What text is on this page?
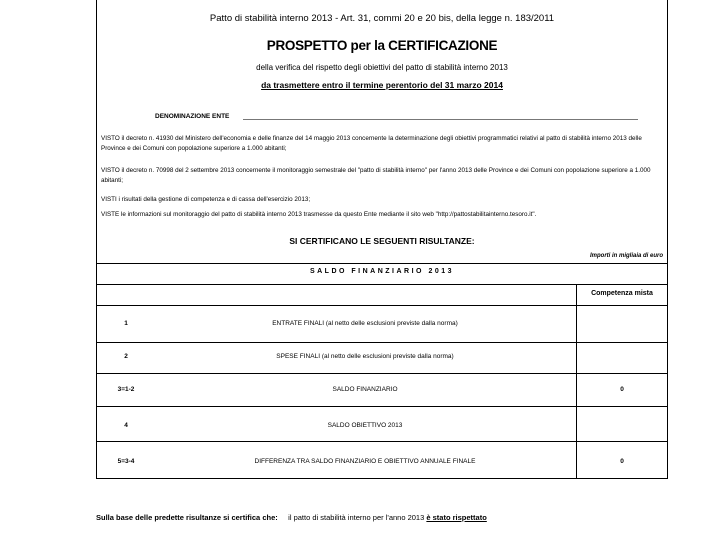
Patto di stabilità interno 2013 - Art. 31, commi 20 e 20 bis, della legge n. 183/2011
PROSPETTO per la CERTIFICAZIONE
della verifica del rispetto degli obiettivi del patto di stabilità interno 2013
da trasmettere entro il termine perentorio del 31 marzo 2014
DENOMINAZIONE ENTE
VISTO il decreto n. 41930 del Ministero dell'economia e delle finanze del 14 maggio 2013 concernente la determinazione degli obiettivi programmatici relativi al patto di stabilità interno 2013 delle Province e dei Comuni con popolazione superiore a 1.000 abitanti;
VISTO il decreto n. 70998 del 2 settembre 2013 concernente il monitoraggio semestrale del "patto di stabilità interno" per l'anno 2013 delle Province e dei Comuni con popolazione superiore a 1.000 abitanti;
VISTI i risultati della gestione di competenza e di cassa dell'esercizio 2013;
VISTE le informazioni sul monitoraggio del patto di stabilità interno 2013 trasmesse da questo Ente mediante il sito web "http://pattostabilitainterno.tesoro.it".
SI CERTIFICANO LE SEGUENTI RISULTANZE:
Importi in migliaia di euro
SALDO FINANZIARIO 2013
Competenza mista
1	ENTRATE FINALI (al netto delle esclusioni previste dalla norma)
2	SPESE FINALI (al netto delle esclusioni previste dalla norma)
3=1-2	SALDO FINANZIARIO	0
4	SALDO OBIETTIVO 2013
5=3-4	DIFFERENZA TRA SALDO FINANZIARIO E OBIETTIVO ANNUALE FINALE	0
Sulla base delle predette risultanze si certifica che: il patto di stabilità interno per l'anno 2013 è stato rispettato
